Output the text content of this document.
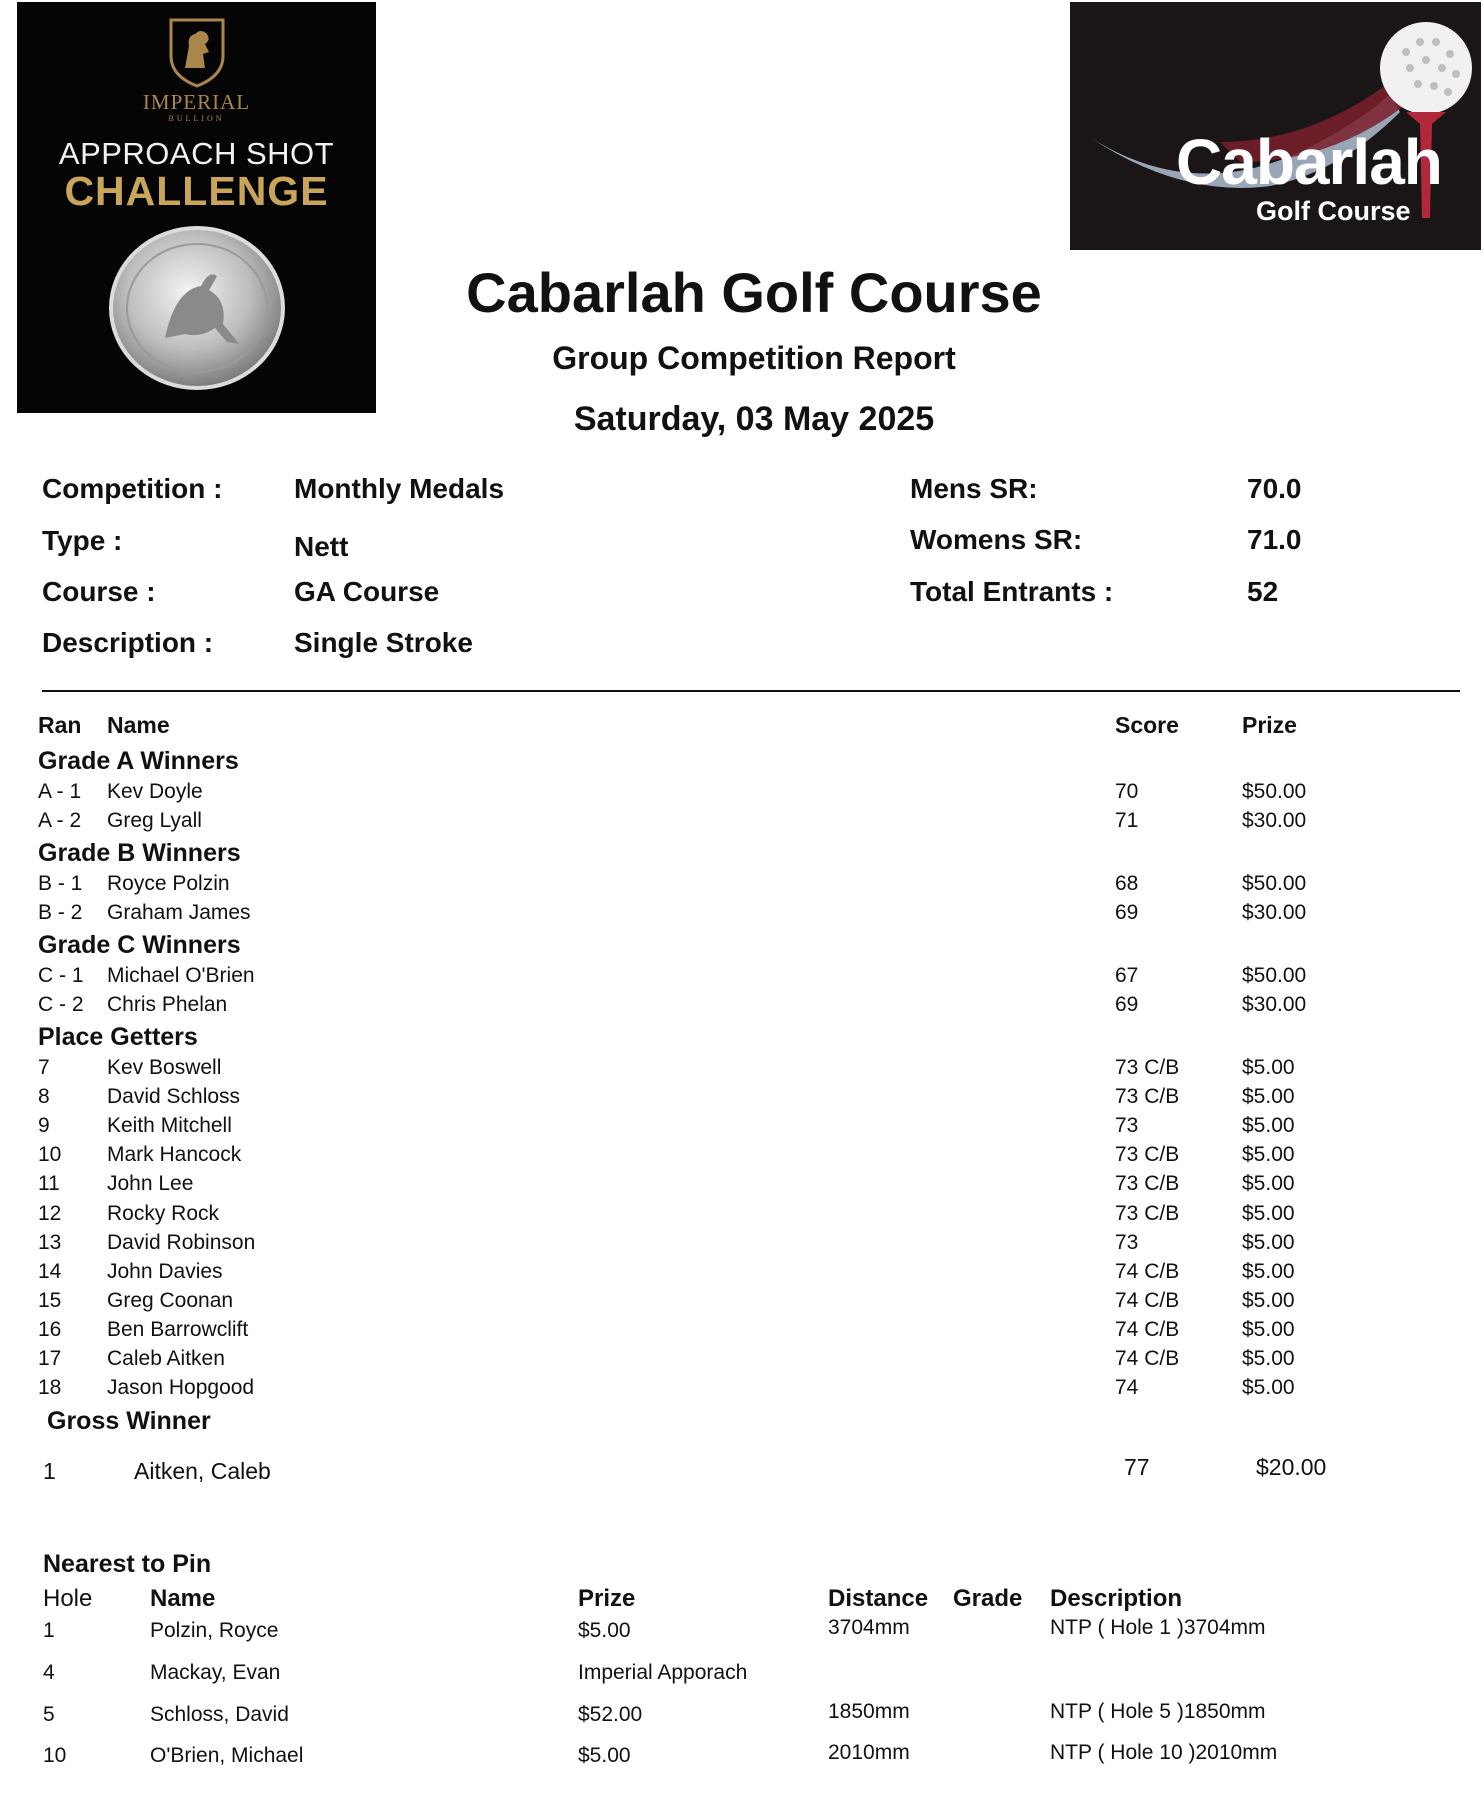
IMPERIAL
BULLION
APPROACH SHOT
CHALLENGE	Cabarlah
Golf Course
Cabarlah Golf Course
Group Competition Report
Saturday, 03 May 2025
Competition :	Monthly Medals
Type :	Nett
Course :	GA Course
Description :	Single Stroke
Mens SR:	70.0
Womens SR:	71.0
Total Entrants :	52
Ran Name	Score	Prize
Grade A Winners
A - 1 Kev Doyle	70	$50.00
A - 2 Greg Lyall	71	$30.00
Grade B Winners
B - 1 Royce Polzin	68	$50.00
B - 2 Graham James	69	$30.00
Grade C Winners
C - 1 Michael O'Brien	67	$50.00
C - 2 Chris Phelan	69	$30.00
Place Getters
7	Kev Boswell	73 C/B	$5.00
8	David Schloss	73 C/B	$5.00
9	Keith Mitchell	73	$5.00
10 Mark Hancock	73 C/B	$5.00
11 John Lee	73 C/B	$5.00
12 Rocky Rock	73 C/B	$5.00
13 David Robinson	73	$5.00
14 John Davies	74 C/B	$5.00
15 Greg Coonan	74 C/B	$5.00
16 Ben Barrowclift	74 C/B	$5.00
17 Caleb Aitken	74 C/B	$5.00
18 Jason Hopgood	74	$5.00
Gross Winner
1	Aitken, Caleb	77	$20.00
Nearest to Pin
Hole Name	Prize	Distance Grade Description
1	Polzin, Royce	$5.00	3704mm	NTP ( Hole 1 )3704mm
4	Mackay, Evan	Imperial Apporach
5	Schloss, David	$52.00	1850mm	NTP ( Hole 5 )1850mm
10	O'Brien, Michael	$5.00	2010mm	NTP ( Hole 10 )2010mm
